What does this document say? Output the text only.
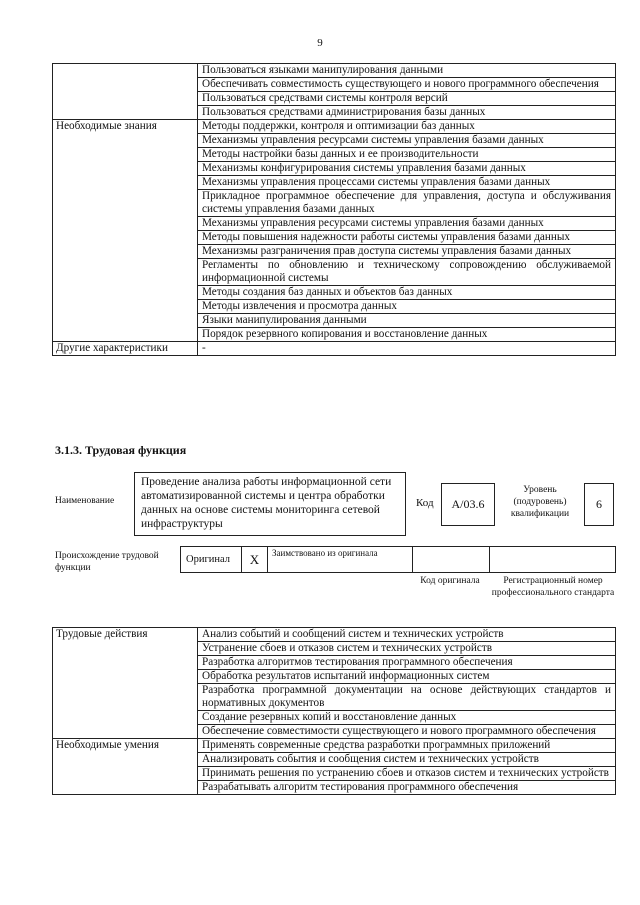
9
	Пользоваться языками манипулирования данными
	Обеспечивать совместимость существующего и нового программного обеспечения
	Пользоваться средствами системы контроля версий
	Пользоваться средствами администрирования базы данных
Необходимые знания	Методы поддержки, контроля и оптимизации баз данных
	Механизмы управления ресурсами системы управления базами данных
	Методы настройки базы данных и ее производительности
	Механизмы конфигурирования системы управления базами данных
	Механизмы управления процессами системы управления базами данных
	Прикладное программное обеспечение для управления, доступа и обслуживания системы управления базами данных
	Механизмы управления ресурсами системы управления базами данных
	Методы повышения надежности работы системы управления базами данных
	Механизмы разграничения прав доступа системы управления базами данных
	Регламенты по обновлению и техническому сопровождению обслуживаемой информационной системы
	Методы создания баз данных и объектов баз данных
	Методы извлечения и просмотра данных
	Языки манипулирования данными
	Порядок резервного копирования и восстановление данных
Другие характеристики	-
3.1.3. Трудовая функция
Наименование
Проведение анализа работы информационной сети автоматизированной системы и центра обработки данных на основе системы мониторинга сетевой инфраструктуры
Код А/03.6
Уровень (подуровень) квалификации
6
Происхождение трудовой функции
Оригинал X	Заимствовано из оригинала
Код оригинала	Регистрационный номер профессионального стандарта
Трудовые действия	Анализ событий и сообщений систем и технических устройств
	Устранение сбоев и отказов систем и технических устройств
	Разработка алгоритмов тестирования программного обеспечения
	Обработка результатов испытаний информационных систем
	Разработка программной документации на основе действующих стандартов и нормативных документов
	Создание резервных копий и восстановление данных
	Обеспечение совместимости существующего и нового программного обеспечения
Необходимые умения	Применять современные средства разработки программных приложений
	Анализировать события и сообщения систем и технических устройств
	Принимать решения по устранению сбоев и отказов систем и технических устройств
	Разрабатывать алгоритм тестирования программного обеспечения
